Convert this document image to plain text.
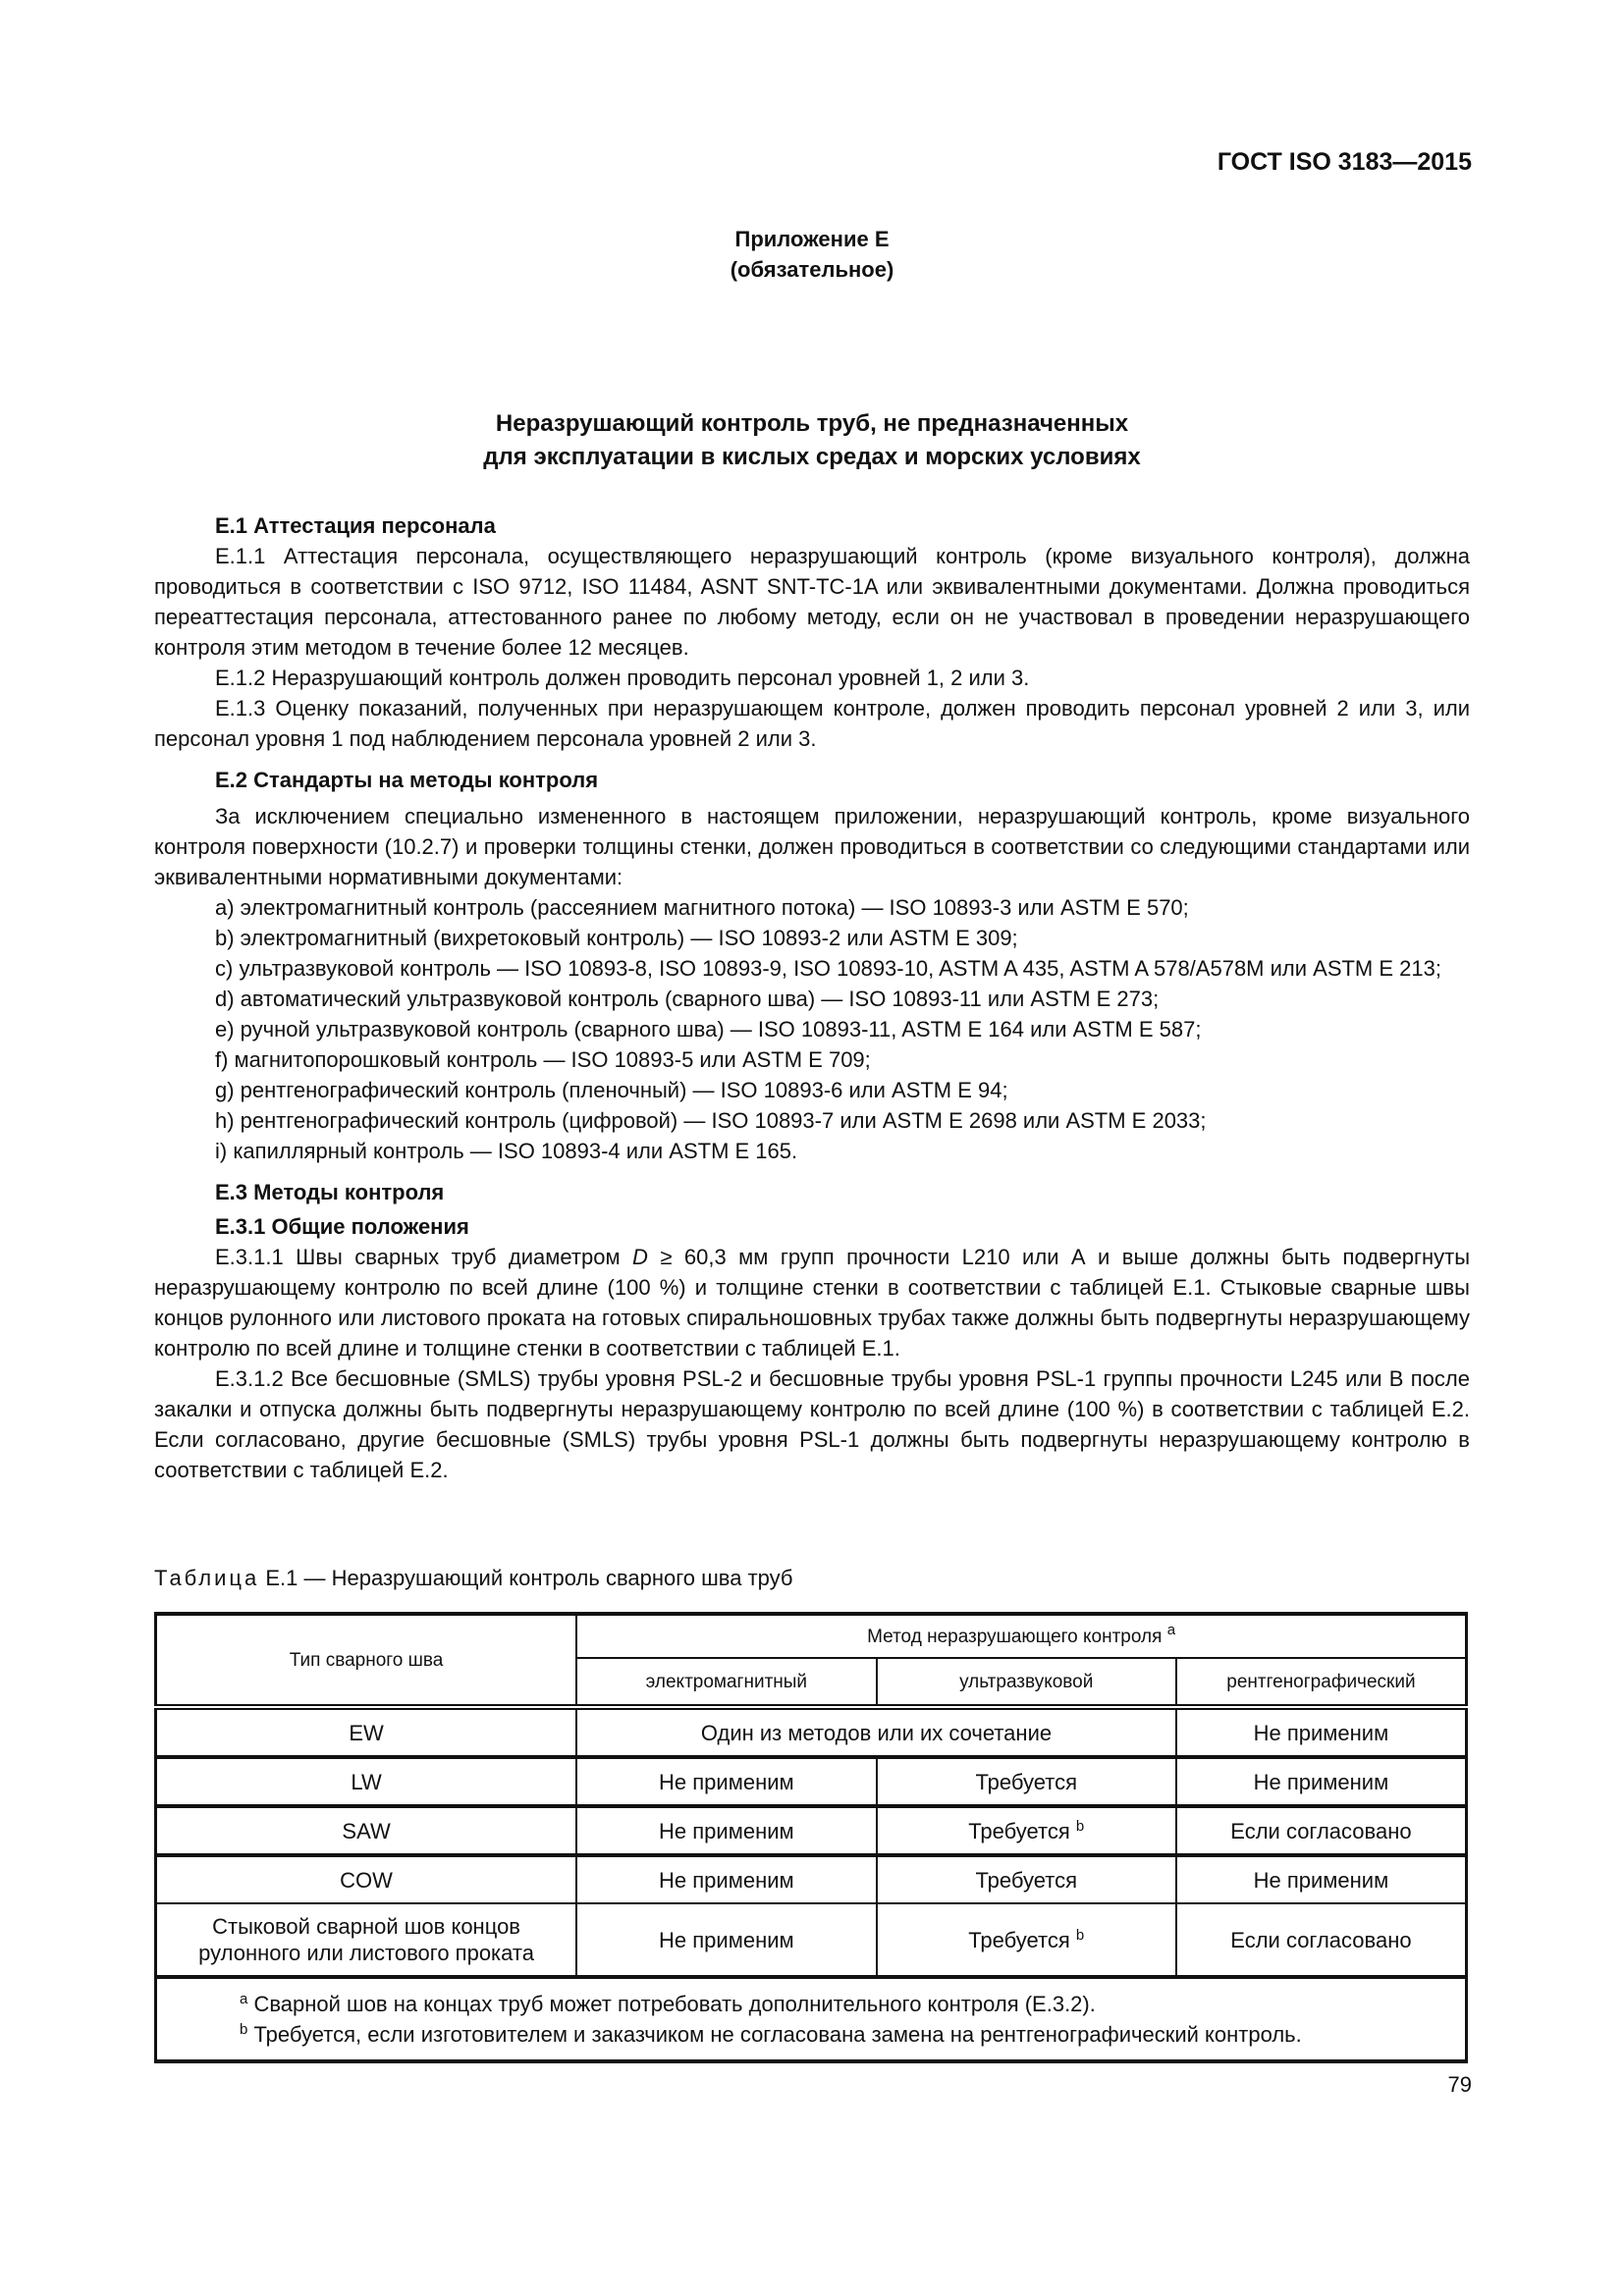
ГОСТ ISO 3183—2015
Приложение Е
(обязательное)
Неразрушающий контроль труб, не предназначенных
для эксплуатации в кислых средах и морских условиях
Е.1 Аттестация персонала

Е.1.1 Аттестация персонала, осуществляющего неразрушающий контроль (кроме визуального контроля), должна проводиться в соответствии с ISO 9712, ISO 11484, ASNT SNT-TC-1A или эквивалентными документами. Должна проводиться переаттестация персонала, аттестованного ранее по любому методу, если он не участвовал в проведении неразрушающего контроля этим методом в течение более 12 месяцев.

Е.1.2 Неразрушающий контроль должен проводить персонал уровней 1, 2 или 3.

Е.1.3 Оценку показаний, полученных при неразрушающем контроле, должен проводить персонал уровней 2 или 3, или персонал уровня 1 под наблюдением персонала уровней 2 или 3.

Е.2 Стандарты на методы контроля

За исключением специально измененного в настоящем приложении, неразрушающий контроль, кроме визуального контроля поверхности (10.2.7) и проверки толщины стенки, должен проводиться в соответствии со следующими стандартами или эквивалентными нормативными документами:

a) электромагнитный контроль (рассеянием магнитного потока) — ISO 10893-3 или ASTM E 570;

b) электромагнитный (вихретоковый контроль) — ISO 10893-2 или ASTM E 309;

c) ультразвуковой контроль — ISO 10893-8, ISO 10893-9, ISO 10893-10, ASTM A 435, ASTM A 578/A578M или ASTM E 213;

d) автоматический ультразвуковой контроль (сварного шва) — ISO 10893-11 или ASTM E 273;

e) ручной ультразвуковой контроль (сварного шва) — ISO 10893-11, ASTM E 164 или ASTM E 587;

f) магнитопорошковый контроль — ISO 10893-5 или ASTM E 709;

g) рентгенографический контроль (пленочный) — ISO 10893-6 или ASTM E 94;

h) рентгенографический контроль (цифровой) — ISO 10893-7 или ASTM E 2698 или ASTM E 2033;

i) капиллярный контроль — ISO 10893-4 или ASTM E 165.

Е.3 Методы контроля
Е.3.1 Общие положения

Е.3.1.1 Швы сварных труб диаметром D ≥ 60,3 мм групп прочности L210 или А и выше должны быть подвергнуты неразрушающему контролю по всей длине (100 %) и толщине стенки в соответствии с таблицей Е.1. Стыковые сварные швы концов рулонного или листового проката на готовых спиральношовных трубах также должны быть подвергнуты неразрушающему контролю по всей длине и толщине стенки в соответствии с таблицей Е.1.

Е.3.1.2 Все бесшовные (SMLS) трубы уровня PSL-2 и бесшовные трубы уровня PSL-1 группы прочности L245 или В после закалки и отпуска должны быть подвергнуты неразрушающему контролю по всей длине (100 %) в соответствии с таблицей Е.2. Если согласовано, другие бесшовные (SMLS) трубы уровня PSL-1 должны быть подвергнуты неразрушающему контролю в соответствии с таблицей Е.2.

Таблица Е.1 — Неразрушающий контроль сварного шва труб
Тип сварного шва	Метод неразрушающего контроля $^a$
	электромагнитный	ультразвуковой	рентгенографический
EW	Один из методов или их сочетание		Не применим
LW	Не применим	Требуется	Не применим
SAW	Не применим	Требуется $^b$	Если согласовано
COW	Не применим	Требуется	Не применим

Стыковой сварной шов концов
рулонного или листового проката	Не применим	Требуется $^b$	Если согласовано

$^a$ Сварной шов на концах труб может потребовать дополнительного контроля (Е.3.2).
$^b$ Требуется, если изготовителем и заказчиком не согласована замена на рентгенографический контроль.			
79
